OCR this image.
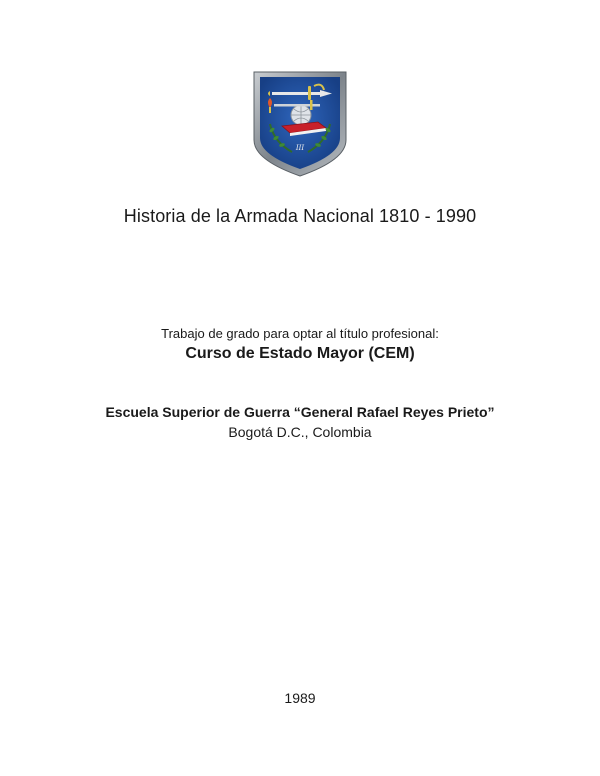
III
Historia de la Armada Nacional 1810 - 1990
Trabajo de grado para optar al título profesional:
Curso de Estado Mayor (CEM)
Escuela Superior de Guerra “General Rafael Reyes Prieto”
Bogotá D.C., Colombia
1989
